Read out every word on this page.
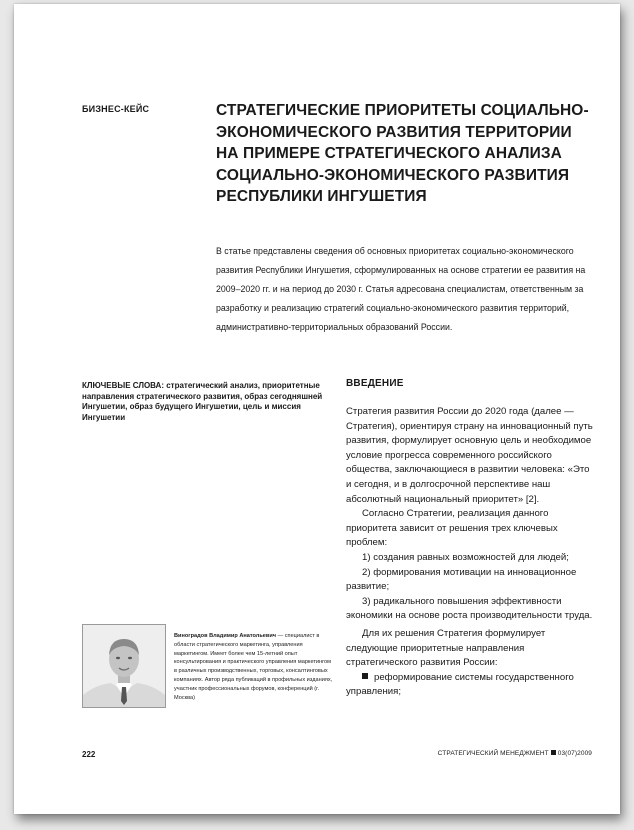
БИЗНЕС-КЕЙС	СТРАТЕГИЧЕСКИЕ ПРИОРИТЕТЫ СОЦИАЛЬНО-ЭКОНОМИЧЕСКОГО РАЗВИТИЯ ТЕРРИТОРИИ НА ПРИМЕРЕ СТРАТЕГИЧЕСКОГО АНАЛИЗА СОЦИАЛЬНО-ЭКОНОМИЧЕСКОГО РАЗВИТИЯ РЕСПУБЛИКИ ИНГУШЕТИЯ

В статье представлены сведения об основных приоритетах социально-экономического развития Республики Ингушетия, сформулированных на основе стратегии ее развития на 2009–2020 гг. и на период до 2030 г. Статья адресована специалистам, ответственным за разработку и реализацию стратегий социально-экономического развития территорий, административно-территориальных образований России.

КЛЮЧЕВЫЕ СЛОВА: стратегический анализ, приоритетные направления стратегического развития, образ сегодняшней Ингушетии, образ будущего Ингушетии, цель и миссия Ингушетии

ВВЕДЕНИЕ

Стратегия развития России до 2020 года (далее — Стратегия), ориентируя страну на инновационный путь развития, формулирует основную цель и необходимое условие прогресса современного российского общества, заключающиеся в развитии человека: «Это и сегодня, и в долгосрочной перспективе наш абсолютный национальный приоритет» [2].

Согласно Стратегии, реализация данного приоритета зависит от решения трех ключевых проблем:

1) создания равных возможностей для людей;

2) формирования мотивации на инновационное развитие;

3) радикального повышения эффективности экономики на основе роста производительности труда.

Для их решения Стратегия формулирует следующие приоритетные направления стратегического развития России:

реформирование системы государственного управления;

Виноградов Владимир Анатольевич — специалист в области стратегического маркетинга, управления маркетингом. Имеет более чем 15-летний опыт консультирования и практического управления маркетингом в различных производственных, торговых, консалтинговых компаниях. Автор ряда публикаций в профильных изданиях, участник профессиональных форумов, конференций (г. Москва)

222	СТРАТЕГИЧЕСКИЙ МЕНЕДЖМЕНТ 03(07)2009
